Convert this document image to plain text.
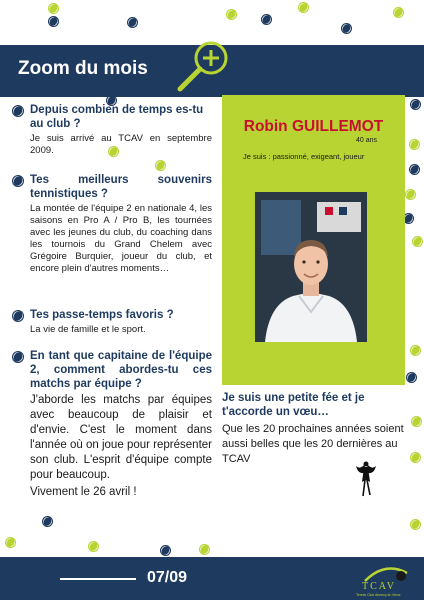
Zoom du mois
Depuis combien de temps es-tu au club ?
Je suis arrivé au TCAV en septembre 2009.
Tes meilleurs souvenirs tennistiques ?
La montée de l'équipe 2 en nationale 4, les saisons en Pro A / Pro B, les tournées avec les jeunes du club, du coaching dans les tournois du Grand Chelem avec Grégoire Burquier, joueur du club, et encore plein d'autres moments…
Tes passe-temps favoris ?
La vie de famille et le sport.
En tant que capitaine de l'équipe 2, comment abordes-tu ces matchs par équipe ?
J'aborde les matchs par équipes avec beaucoup de plaisir et d'envie. C'est le moment dans l'année où on joue pour représenter son club. L'esprit d'équipe compte pour beaucoup.
Vivement le 26 avril !
Robin GUILLEMOT
40 ans
Je suis : passionné, exigeant, joueur
Je suis une petite fée et je t'accorde un vœu…
Que les 20 prochaines années soient aussi belles que les 20 dernières au TCAV
07/09
TCAV
Tennis Club Annecy-le-Vieux
